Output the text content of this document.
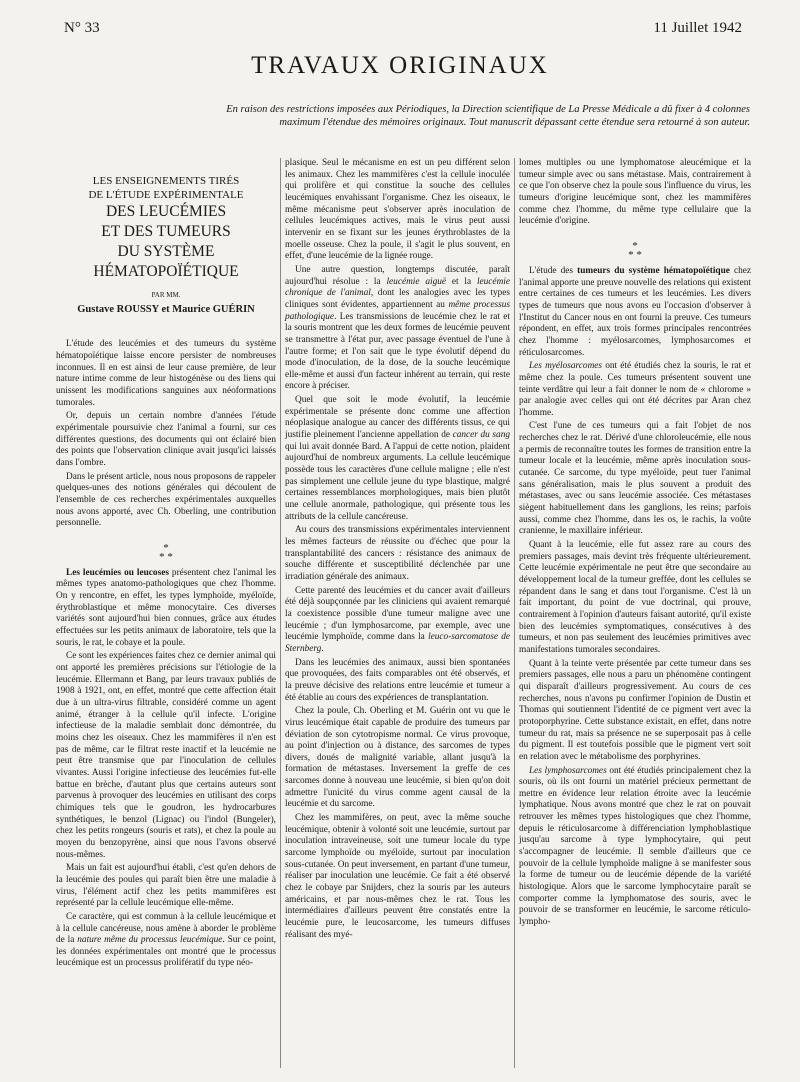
N° 33	11 Juillet 1942
TRAVAUX ORIGINAUX
En raison des restrictions imposées aux Périodiques, la Direction scientifique de La Presse Médicale a dû fixer à 4 colonnes maximum l'étendue des mémoires originaux. Tout manuscrit dépassant cette étendue sera retourné à son auteur.
LES ENSEIGNEMENTS TIRÉS
DE L'ÉTUDE EXPÉRIMENTALE
DES LEUCÉMIES
ET DES TUMEURS
DU SYSTÈME
HÉMATOPOÏÉTIQUE
PAR MM.
Gustave ROUSSY et Maurice GUÉRIN

L'étude des leucémies et des tumeurs du système hématopoïétique laisse encore persister de nombreuses inconnues. Il en est ainsi de leur cause première, de leur nature intime comme de leur histogénèse ou des liens qui unissent les modifications sanguines aux néoformations tumorales.

Or, depuis un certain nombre d'années l'étude expérimentale poursuivie chez l'animal a fourni, sur ces différentes questions, des documents qui ont éclairé bien des points que l'observation clinique avait jusqu'ici laissés dans l'ombre.

Dans le présent article, nous nous proposons de rappeler quelques-unes des notions générales qui découlent de l'ensemble de ces recherches expérimentales auxquelles nous avons apporté, avec Ch. Oberling, une contribution personnelle.

*
* *

Les leucémies ou leucoses présentent chez l'animal les mêmes types anatomo-pathologiques que chez l'homme. On y rencontre, en effet, les types lymphoïde, myéloïde, érythroblastique et même monocytaire. Ces diverses variétés sont aujourd'hui bien connues, grâce aux études effectuées sur les petits animaux de laboratoire, tels que la souris, le rat, le cobaye et la poule.

Ce sont les expériences faites chez ce dernier animal qui ont apporté les premières précisions sur l'étiologie de la leucémie. Ellermann et Bang, par leurs travaux publiés de 1908 à 1921, ont, en effet, montré que cette affection était due à un ultra-virus filtrable, considéré comme un agent animé, étranger à la cellule qu'il infecte. L'origine infectieuse de la maladie semblait donc démontrée, du moins chez les oiseaux. Chez les mammifères il n'en est pas de même, car le filtrat reste inactif et la leucémie ne peut être transmise que par l'inoculation de cellules vivantes. Aussi l'origine infectieuse des leucémies fut-elle battue en brèche, d'autant plus que certains auteurs sont parvenus à provoquer des leucémies en utilisant des corps chimiques tels que le goudron, les hydrocarbures synthétiques, le benzol (Lignac) ou l'indol (Bungeler), chez les petits rongeurs (souris et rats), et chez la poule au moyen du benzopyrène, ainsi que nous l'avons observé nous-mêmes.

Mais un fait est aujourd'hui établi, c'est qu'en dehors de la leucémie des poules qui paraît bien être une maladie à virus, l'élément actif chez les petits mammifères est représenté par la cellule leucémique elle-même.

Ce caractère, qui est commun à la cellule leucémique et à la cellule cancéreuse, nous amène à aborder le problème de la nature même du processus leucémique. Sur ce point, les données expérimentales ont montré que le processus leucémique est un processus prolifératif du type néo-

plasique. Seul le mécanisme en est un peu différent selon les animaux. Chez les mammifères c'est la cellule inoculée qui prolifère et qui constitue la souche des cellules leucémiques envahissant l'organisme. Chez les oiseaux, le même mécanisme peut s'observer après inoculation de cellules leucémiques actives, mais le virus peut aussi intervenir en se fixant sur les jeunes érythroblastes de la moelle osseuse. Chez la poule, il s'agit le plus souvent, en effet, d'une leucémie de la lignée rouge.

Une autre question, longtemps discutée, paraît aujourd'hui résolue : la leucémie aiguë et la leucémie chronique de l'animal, dont les analogies avec les types cliniques sont évidentes, appartiennent au même processus pathologique. Les transmissions de leucémie chez le rat et la souris montrent que les deux formes de leucémie peuvent se transmettre à l'état pur, avec passage éventuel de l'une à l'autre forme; et l'on sait que le type évolutif dépend du mode d'inoculation, de la dose, de la souche leucémique elle-même et aussi d'un facteur inhérent au terrain, qui reste encore à préciser.

Quel que soit le mode évolutif, la leucémie expérimentale se présente donc comme une affection néoplasique analogue au cancer des différents tissus, ce qui justifie pleinement l'ancienne appellation de cancer du sang qui lui avait donnée Bard. A l'appui de cette notion, plaident aujourd'hui de nombreux arguments. La cellule leucémique possède tous les caractères d'une cellule maligne ; elle n'est pas simplement une cellule jeune du type blastique, malgré certaines ressemblances morphologiques, mais bien plutôt une cellule anormale, pathologique, qui présente tous les attributs de la cellule cancéreuse.

Au cours des transmissions expérimentales interviennent les mêmes facteurs de réussite ou d'échec que pour la transplantabilité des cancers : résistance des animaux de souche différente et susceptibilité déclenchée par une irradiation générale des animaux.

Cette parenté des leucémies et du cancer avait d'ailleurs été déjà soupçonnée par les cliniciens qui avaient remarqué la coexistence possible d'une tumeur maligne avec une leucémie ; d'un lymphosarcome, par exemple, avec une leucémie lymphoïde, comme dans la leuco-sarcomatose de Sternberg.

Dans les leucémies des animaux, aussi bien spontanées que provoquées, des faits comparables ont été observés, et la preuve décisive des relations entre leucémie et tumeur a été établie au cours des expériences de transplantation.

Chez la poule, Ch. Oberling et M. Guérin ont vu que le virus leucémique était capable de produire des tumeurs par déviation de son cytotropisme normal. Ce virus provoque, au point d'injection ou à distance, des sarcomes de types divers, doués de malignité variable, allant jusqu'à la formation de métastases. Inversement la greffe de ces sarcomes donne à nouveau une leucémie, si bien qu'on doit admettre l'unicité du virus comme agent causal de la leucémie et du sarcome.

Chez les mammifères, on peut, avec la même souche leucémique, obtenir à volonté soit une leucémie, surtout par inoculation intraveineuse, soit une tumeur locale du type sarcome lymphoïde ou myéloïde, surtout par inoculation sous-cutanée. On peut inversement, en partant d'une tumeur, réaliser par inoculation une leucémie. Ce fait a été observé chez le cobaye par Snijders, chez la souris par les auteurs américains, et par nous-mêmes chez le rat. Tous les intermédiaires d'ailleurs peuvent être constatés entre la leucémie pure, le leucosarcome, les tumeurs diffuses réalisant des myé-

lomes multiples ou une lymphomatose aleucémique et la tumeur simple avec ou sans métastase. Mais, contrairement à ce que l'on observe chez la poule sous l'influence du virus, les tumeurs d'origine leucémique sont, chez les mammifères comme chez l'homme, du même type cellulaire que la leucémie d'origine.

*
* *

L'étude des tumeurs du système hématopoïétique chez l'animal apporte une preuve nouvelle des relations qui existent entre certaines de ces tumeurs et les leucémies. Les divers types de tumeurs que nous avons eu l'occasion d'observer à l'Institut du Cancer nous en ont fourni la preuve. Ces tumeurs répondent, en effet, aux trois formes principales rencontrées chez l'homme : myélosarcomes, lymphosarcomes et réticulosarcomes.

Les myélosarcomes ont été étudiés chez la souris, le rat et même chez la poule. Ces tumeurs présentent souvent une teinte verdâtre qui leur a fait donner le nom de « chlorome » par analogie avec celles qui ont été décrites par Aran chez l'homme.

C'est l'une de ces tumeurs qui a fait l'objet de nos recherches chez le rat. Dérivé d'une chloroleucémie, elle nous a permis de reconnaître toutes les formes de transition entre la tumeur locale et la leucémie, même après inoculation sous-cutanée. Ce sarcome, du type myéloïde, peut tuer l'animal sans généralisation, mais le plus souvent a produit des métastases, avec ou sans leucémie associée. Ces métastases siègent habituellement dans les ganglions, les reins; parfois aussi, comme chez l'homme, dans les os, le rachis, la voûte cranienne, le maxillaire inférieur.

Quant à la leucémie, elle fut assez rare au cours des premiers passages, mais devint très fréquente ultérieurement. Cette leucémie expérimentale ne peut être que secondaire au développement local de la tumeur greffée, dont les cellules se répandent dans le sang et dans tout l'organisme. C'est là un fait important, du point de vue doctrinal, qui prouve, contrairement à l'opinion d'auteurs faisant autorité, qu'il existe bien des leucémies symptomatiques, consécutives à des tumeurs, et non pas seulement des leucémies primitives avec manifestations tumorales secondaires.

Quant à la teinte verte présentée par cette tumeur dans ses premiers passages, elle nous a paru un phénomène contingent qui disparaît d'ailleurs progressivement. Au cours de ces recherches, nous n'avons pu confirmer l'opinion de Dustin et Thomas qui soutiennent l'identité de ce pigment vert avec la protoporphyrine. Cette substance existait, en effet, dans notre tumeur du rat, mais sa présence ne se superposait pas à celle du pigment. Il est toutefois possible que le pigment vert soit en relation avec le métabolisme des porphyrines.

Les lymphosarcomes ont été étudiés principalement chez la souris, où ils ont fourni un matériel précieux permettant de mettre en évidence leur relation étroite avec la leucémie lymphatique. Nous avons montré que chez le rat on pouvait retrouver les mêmes types histologiques que chez l'homme, depuis le réticulosarcome à différenciation lymphoblastique jusqu'au sarcome à type lymphocytaire, qui peut s'accompagner de leucémie. Il semble d'ailleurs que ce pouvoir de la cellule lymphoïde maligne à se manifester sous la forme de tumeur ou de leucémie dépende de la variété histologique. Alors que le sarcome lymphocytaire paraît se comporter comme la lymphomatose des souris, avec le pouvoir de se transformer en leucémie, le sarcome réticulo-lympho-
